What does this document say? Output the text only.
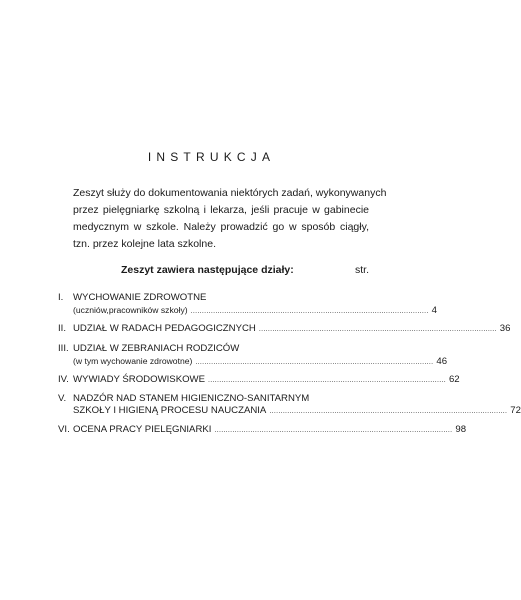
INSTRUKCJA

Zeszyt służy do dokumentowania niektórych zadań, wykonywanych
przez pielęgniarkę szkolną i lekarza, jeśli pracuje w gabinecie
medycznym w szkole. Należy prowadzić go w sposób ciągły,
tzn. przez kolejne lata szkolne.

Zeszyt zawiera następujące działy:	str.
I. WYCHOWANIE ZDROWOTNE
(uczniów,pracowników szkoły) .......................................................................................................... 4
II. UDZIAŁ W RADACH PEDAGOGICZNYCH .......................................................................................................... 36
III. UDZIAŁ W ZEBRANIACH RODZICÓW
(w tym wychowanie zdrowotne) .......................................................................................................... 46
IV. WYWIADY ŚRODOWISKOWE .......................................................................................................... 62
V. NADZÓR NAD STANEM HIGIENICZNO-SANITARNYM
SZKOŁY I HIGIENĄ PROCESU NAUCZANIA .......................................................................................................... 72
VI. OCENA PRACY PIELĘGNIARKI .......................................................................................................... 98
